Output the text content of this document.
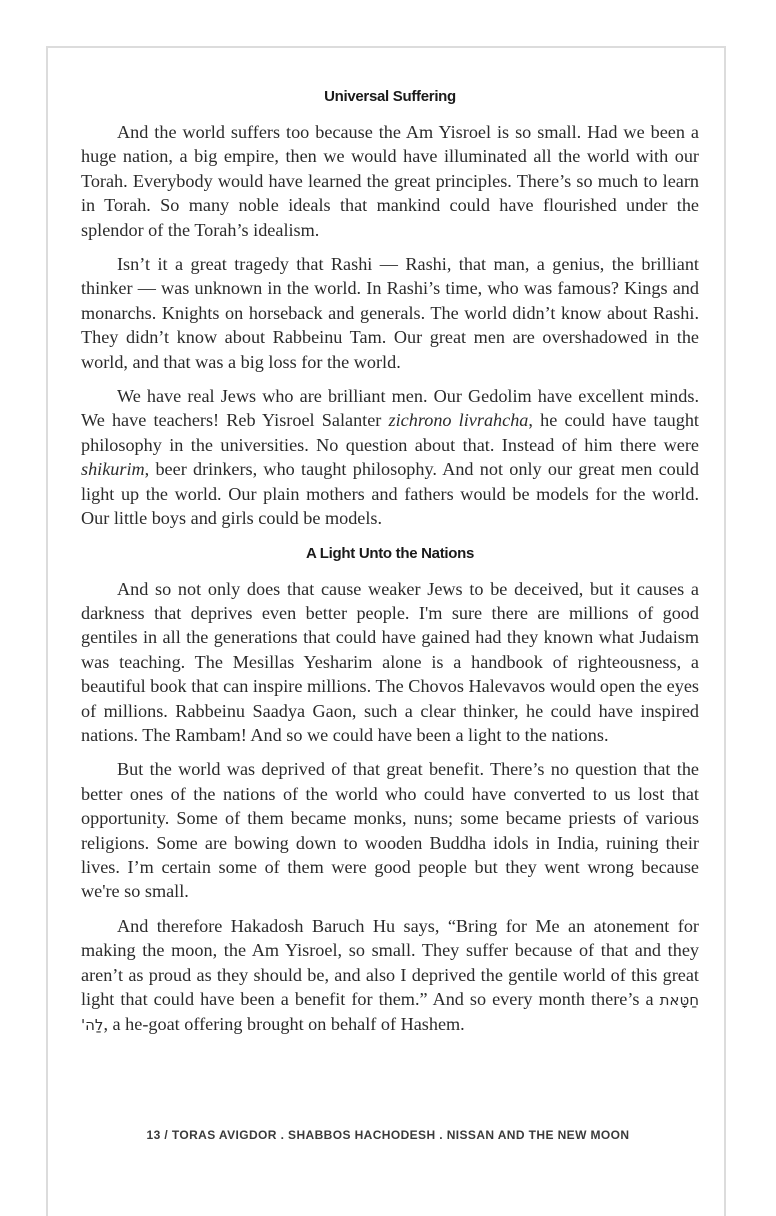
Universal Suffering

And the world suffers too because the Am Yisroel is so small. Had we been a huge nation, a big empire, then we would have illuminated all the world with our Torah. Everybody would have learned the great principles. There’s so much to learn in Torah. So many noble ideals that mankind could have flourished under the splendor of the Torah’s idealism.

Isn’t it a great tragedy that Rashi — Rashi, that man, a genius, the brilliant thinker — was unknown in the world. In Rashi’s time, who was famous? Kings and monarchs. Knights on horseback and generals. The world didn’t know about Rashi. They didn’t know about Rabbeinu Tam. Our great men are overshadowed in the world, and that was a big loss for the world.

We have real Jews who are brilliant men. Our Gedolim have excellent minds. We have teachers! Reb Yisroel Salanter zichrono livrahcha, he could have taught philosophy in the universities. No question about that. Instead of him there were shikurim, beer drinkers, who taught philosophy. And not only our great men could light up the world. Our plain mothers and fathers would be models for the world. Our little boys and girls could be models.

A Light Unto the Nations

And so not only does that cause weaker Jews to be deceived, but it causes a darkness that deprives even better people. I'm sure there are millions of good gentiles in all the generations that could have gained had they known what Judaism was teaching. The Mesillas Yesharim alone is a handbook of righteousness, a beautiful book that can inspire millions. The Chovos Halevavos would open the eyes of millions. Rabbeinu Saadya Gaon, such a clear thinker, he could have inspired nations. The Rambam! And so we could have been a light to the nations.

But the world was deprived of that great benefit. There’s no question that the better ones of the nations of the world who could have converted to us lost that opportunity. Some of them became monks, nuns; some became priests of various religions. Some are bowing down to wooden Buddha idols in India, ruining their lives. I’m certain some of them were good people but they went wrong because we're so small.

And therefore Hakadosh Baruch Hu says, “Bring for Me an atonement for making the moon, the Am Yisroel, so small. They suffer because of that and they aren’t as proud as they should be, and also I deprived the gentile world of this great light that could have been a benefit for them.” And so every month there’s a חַטָּאת לַה', a he-goat offering brought on behalf of Hashem.

13 / TORAS AVIGDOR . SHABBOS HACHODESH . NISSAN AND THE NEW MOON
